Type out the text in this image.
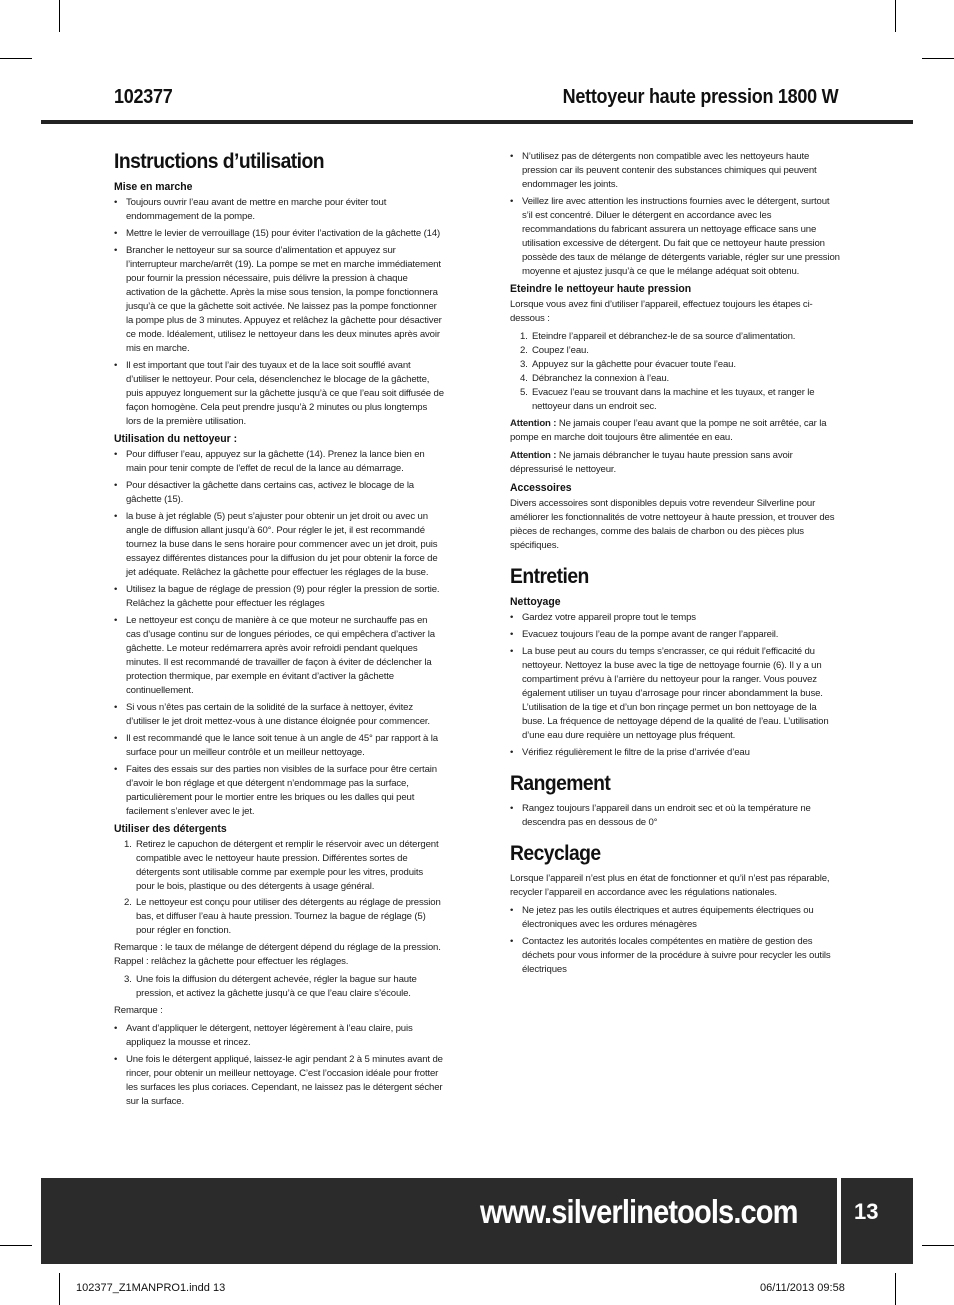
102377	Nettoyeur haute pression 1800 W
Instructions d’utilisation
Mise en marche
• Toujours ouvrir l’eau avant de mettre en marche pour éviter tout endommagement de la pompe.
• Mettre le levier de verrouillage (15) pour éviter l’activation de la gâchette (14)
• Brancher le nettoyeur sur sa source d’alimentation et appuyez sur l’interrupteur marche/arrêt (19). La pompe se met en marche immédiatement pour fournir la pression nécessaire, puis délivre la pression à chaque activation de la gâchette. Après la mise sous tension, la pompe fonctionnera jusqu’à ce que la gâchette soit activée. Ne laissez pas la pompe fonctionner la pompe plus de 3 minutes. Appuyez et relâchez la gâchette pour désactiver ce mode. Idéalement, utilisez le nettoyeur dans les deux minutes après avoir mis en marche.
• Il est important que tout l’air des tuyaux et de la lace soit soufflé avant d’utiliser le nettoyeur. Pour cela, désenclenchez le blocage de la gâchette, puis appuyez longuement sur la gâchette jusqu’à ce que l’eau soit diffusée de façon homogène. Cela peut prendre jusqu’à 2 minutes ou plus longtemps lors de la première utilisation.
Utilisation du nettoyeur :
• Pour diffuser l’eau, appuyez sur la gâchette (14). Prenez la lance bien en main pour tenir compte de l’effet de recul de la lance au démarrage.
• Pour désactiver la gâchette dans certains cas, activez le blocage de la gâchette (15).
• la buse à jet réglable (5) peut s’ajuster pour obtenir un jet droit ou avec un angle de diffusion allant jusqu’à 60°. Pour régler le jet, il est recommandé tournez la buse dans le sens horaire pour commencer avec un jet droit, puis essayez différentes distances pour la diffusion du jet pour obtenir la force de jet adéquate. Relâchez la gâchette pour effectuer les réglages de la buse.
• Utilisez la bague de réglage de pression (9) pour régler la pression de sortie. Relâchez la gâchette pour effectuer les réglages
• Le nettoyeur est conçu de manière à ce que moteur ne surchauffe pas en cas d’usage continu sur de longues périodes, ce qui empêchera d’activer la gâchette. Le moteur redémarrera après avoir refroidi pendant quelques minutes. Il est recommandé de travailler de façon à éviter de déclencher la protection thermique, par exemple en évitant d’activer la gâchette continuellement.
• Si vous n’êtes pas certain de la solidité de la surface à nettoyer, évitez d’utiliser le jet droit mettez-vous à une distance éloignée pour commencer.
• Il est recommandé que le lance soit tenue à un angle de 45° par rapport à la surface pour un meilleur contrôle et un meilleur nettoyage.
• Faites des essais sur des parties non visibles de la surface pour être certain d’avoir le bon réglage et que détergent n’endommage pas la surface, particulièrement pour le mortier entre les briques ou les dalles qui peut facilement s’enlever avec le jet.
Utiliser des détergents
1. Retirez le capuchon de détergent et remplir le réservoir avec un détergent compatible avec le nettoyeur haute pression. Différentes sortes de détergents sont utilisable comme par exemple pour les vitres, produits pour le bois, plastique ou des détergents à usage général.
2. Le nettoyeur est conçu pour utiliser des détergents au réglage de pression bas, et diffuser l’eau à haute pression. Tournez la bague de réglage (5) pour régler en fonction.

Remarque : le taux de mélange de détergent dépend du réglage de la pression. Rappel : relâchez la gâchette pour effectuer les réglages.

3. Une fois la diffusion du détergent achevée, régler la bague sur haute pression, et activez la gâchette jusqu’à ce que l’eau claire s’écoule.

Remarque :

• Avant d’appliquer le détergent, nettoyer légèrement à l’eau claire, puis appliquez la mousse et rincez.
• Une fois le détergent appliqué, laissez-le agir pendant 2 à 5 minutes avant de rincer, pour obtenir un meilleur nettoyage. C’est l’occasion idéale pour frotter les surfaces les plus coriaces. Cependant, ne laissez pas le détergent sécher sur la surface.
• N’utilisez pas de détergents non compatible avec les nettoyeurs haute pression car ils peuvent contenir des substances chimiques qui peuvent endommager les joints.
• Veillez lire avec attention les instructions fournies avec le détergent, surtout s’il est concentré. Diluer le détergent en accordance avec les recommandations du fabricant assurera un nettoyage efficace sans une utilisation excessive de détergent. Du fait que ce nettoyeur haute pression possède des taux de mélange de détergents variable, régler sur une pression moyenne et ajustez jusqu’à ce que le mélange adéquat soit obtenu.
Eteindre le nettoyeur haute pression

Lorsque vous avez fini d’utiliser l’appareil, effectuez toujours les étapes ci-dessous :

1. Eteindre l’appareil et débranchez-le de sa source d’alimentation.
2. Coupez l’eau.
3. Appuyez sur la gâchette pour évacuer toute l’eau.
4. Débranchez la connexion à l’eau.
5. Evacuez l’eau se trouvant dans la machine et les tuyaux, et ranger le nettoyeur dans un endroit sec.

Attention : Ne jamais couper l’eau avant que la pompe ne soit arrêtée, car la pompe en marche doit toujours être alimentée en eau.

Attention : Ne jamais débrancher le tuyau haute pression sans avoir dépressurisé le nettoyeur.

Accessoires

Divers accessoires sont disponibles depuis votre revendeur Silverline pour améliorer les fonctionnalités de votre nettoyeur à haute pression, et trouver des pièces de rechanges, comme des balais de charbon ou des pièces plus spécifiques.

Entretien
Nettoyage
• Gardez votre appareil propre tout le temps
• Evacuez toujours l’eau de la pompe avant de ranger l’appareil.
• La buse peut au cours du temps s’encrasser, ce qui réduit l’efficacité du nettoyeur. Nettoyez la buse avec la tige de nettoyage fournie (6). Il y a un compartiment prévu à l’arrière du nettoyeur pour la ranger. Vous pouvez également utiliser un tuyau d’arrosage pour rincer abondamment la buse. L’utilisation de la tige et d’un bon rinçage permet un bon nettoyage de la buse. La fréquence de nettoyage dépend de la qualité de l’eau. L’utilisation d’une eau dure requière un nettoyage plus fréquent.
• Vérifiez régulièrement le filtre de la prise d’arrivée d’eau
Rangement
• Rangez toujours l’appareil dans un endroit sec et où la température ne descendra pas en dessous de 0°
Recyclage

Lorsque l’appareil n’est plus en état de fonctionner et qu’il n’est pas réparable, recycler l’appareil en accordance avec les régulations nationales.

• Ne jetez pas les outils électriques et autres équipements électriques ou électroniques avec les ordures ménagères
• Contactez les autorités locales compétentes en matière de gestion des déchets pour vous informer de la procédure à suivre pour recycler les outils électriques
www.silverlinetools.com	13
102377_Z1MANPRO1.indd 13	06/11/2013 09:58
